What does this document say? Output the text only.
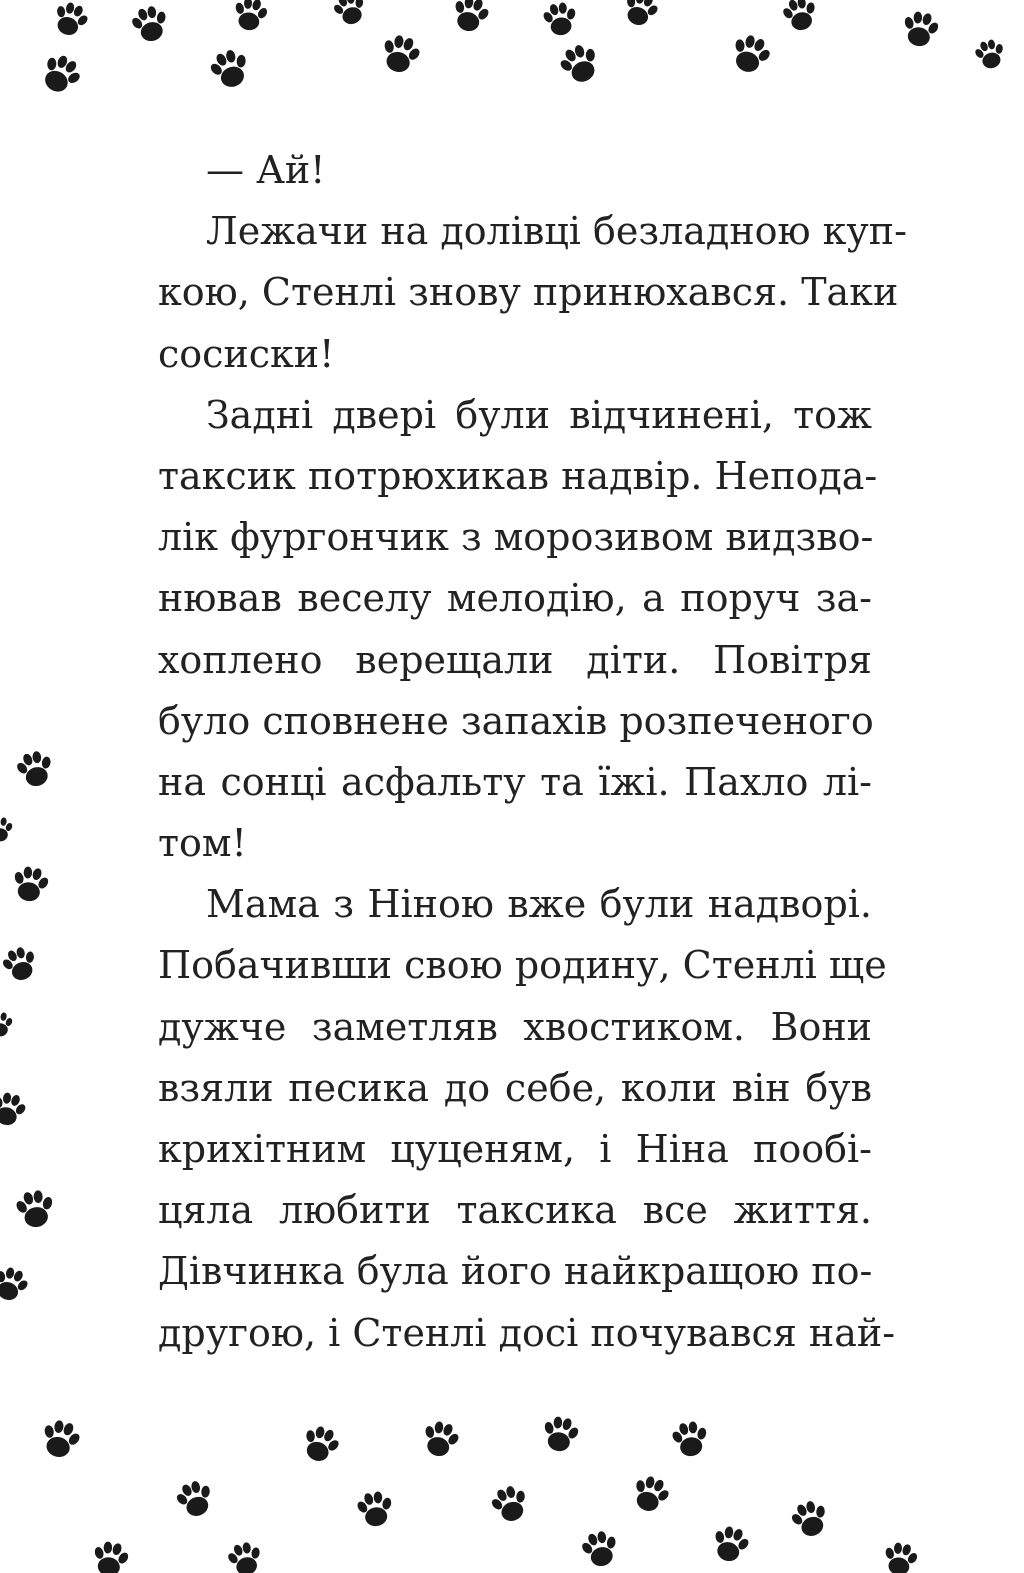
— Ай!
Лежачи на долівці безладною куп-
кою, Стенлі знову принюхався. Таки
сосиски!
Задні двері були відчинені, тож
таксик потрюхикав надвір. Непода-
лік фургончик з морозивом видзво-
нював веселу мелодію, а поруч за-
хоплено верещали діти. Повітря
було сповнене запахів розпеченого
на сонці асфальту та їжі. Пахло лі-
том!
Мама з Ніною вже були надворі.
Побачивши свою родину, Стенлі ще
дужче заметляв хвостиком. Вони
взяли песика до себе, коли він був
крихітним цуценям, і Ніна пообі-
цяла любити таксика все життя.
Дівчинка була його найкращою по-
другою, і Стенлі досі почувався най-
